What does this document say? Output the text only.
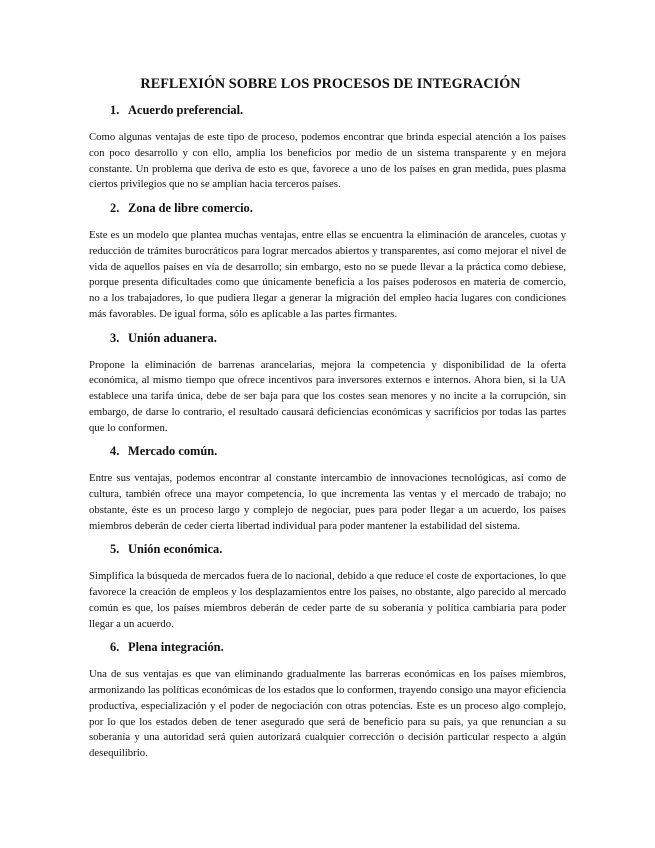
REFLEXIÓN SOBRE LOS PROCESOS DE INTEGRACIÓN
1. Acuerdo preferencial.

Como algunas ventajas de este tipo de proceso, podemos encontrar que brinda especial atención a los países con poco desarrollo y con ello, amplía los beneficios por medio de un sistema transparente y en mejora constante. Un problema que deriva de esto es que, favorece a uno de los países en gran medida, pues plasma ciertos privilegios que no se amplían hacia terceros países.

2. Zona de libre comercio.

Este es un modelo que plantea muchas ventajas, entre ellas se encuentra la eliminación de aranceles, cuotas y reducción de trámites burocráticos para lograr mercados abiertos y transparentes, así como mejorar el nivel de vida de aquellos países en vía de desarrollo; sin embargo, esto no se puede llevar a la práctica como debiese, porque presenta dificultades como que únicamente beneficia a los países poderosos en materia de comercio, no a los trabajadores, lo que pudiera llegar a generar la migración del empleo hacia lugares con condiciones más favorables. De igual forma, sólo es aplicable a las partes firmantes.

3. Unión aduanera.

Propone la eliminación de barrenas arancelarias, mejora la competencia y disponibilidad de la oferta económica, al mismo tiempo que ofrece incentivos para inversores externos e internos. Ahora bien, si la UA establece una tarifa única, debe de ser baja para que los costes sean menores y no incite a la corrupción, sin embargo, de darse lo contrario, el resultado causará deficiencias económicas y sacrificios por todas las partes que lo conformen.

4. Mercado común.

Entre sus ventajas, podemos encontrar al constante intercambio de innovaciones tecnológicas, así como de cultura, también ofrece una mayor competencia, lo que incrementa las ventas y el mercado de trabajo; no obstante, éste es un proceso largo y complejo de negociar, pues para poder llegar a un acuerdo, los países miembros deberán de ceder cierta libertad individual para poder mantener la estabilidad del sistema.

5. Unión económica.

Simplifica la búsqueda de mercados fuera de lo nacional, debido a que reduce el coste de exportaciones, lo que favorece la creación de empleos y los desplazamientos entre los países, no obstante, algo parecido al mercado común es que, los países miembros deberán de ceder parte de su soberanía y política cambiaria para poder llegar a un acuerdo.

6. Plena integración.

Una de sus ventajas es que van eliminando gradualmente las barreras económicas en los países miembros, armonizando las políticas económicas de los estados que lo conformen, trayendo consigo una mayor eficiencia productiva, especialización y el poder de negociación con otras potencias. Este es un proceso algo complejo, por lo que los estados deben de tener asegurado que será de beneficio para su país, ya que renuncian a su soberanía y una autoridad será quien autorizará cualquier corrección o decisión particular respecto a algún desequilibrio.
